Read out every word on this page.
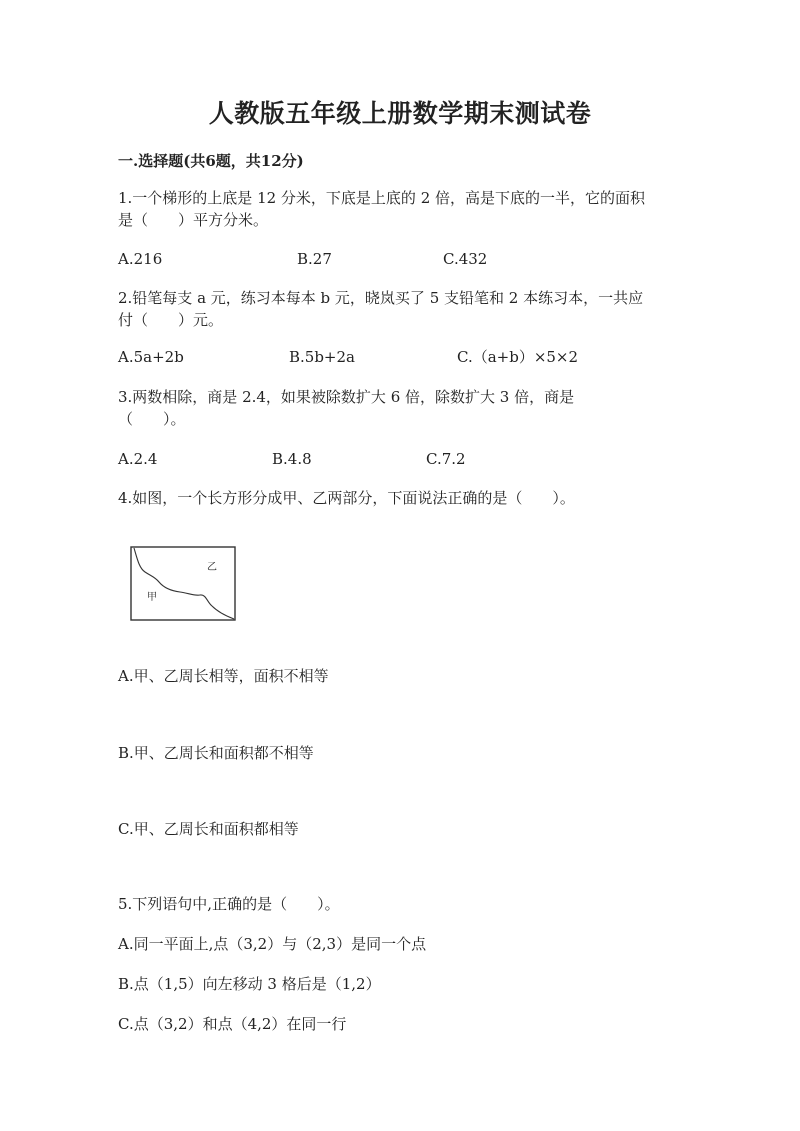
人教版五年级上册数学期末测试卷
一.选择题(共6题，共12分)
1.一个梯形的上底是 12 分米，下底是上底的 2 倍，高是下底的一半，它的面积
是（　　）平方分米。
A.216	B.27	C.432
2.铅笔每支 a 元，练习本每本 b 元，晓岚买了 5 支铅笔和 2 本练习本，一共应
付（　　）元。
A.5a+2b	B.5b+2a	C.（a+b）×5×2
3.两数相除，商是 2.4，如果被除数扩大 6 倍，除数扩大 3 倍，商是
（　　）。
A.2.4	B.4.8	C.7.2
4.如图，一个长方形分成甲、乙两部分，下面说法正确的是（　　）。
甲
乙
A.甲、乙周长相等，面积不相等
B.甲、乙周长和面积都不相等
C.甲、乙周长和面积都相等
5.下列语句中,正确的是（　　）。
A.同一平面上,点（3,2）与（2,3）是同一个点
B.点（1,5）向左移动 3 格后是（1,2）
C.点（3,2）和点（4,2）在同一行
